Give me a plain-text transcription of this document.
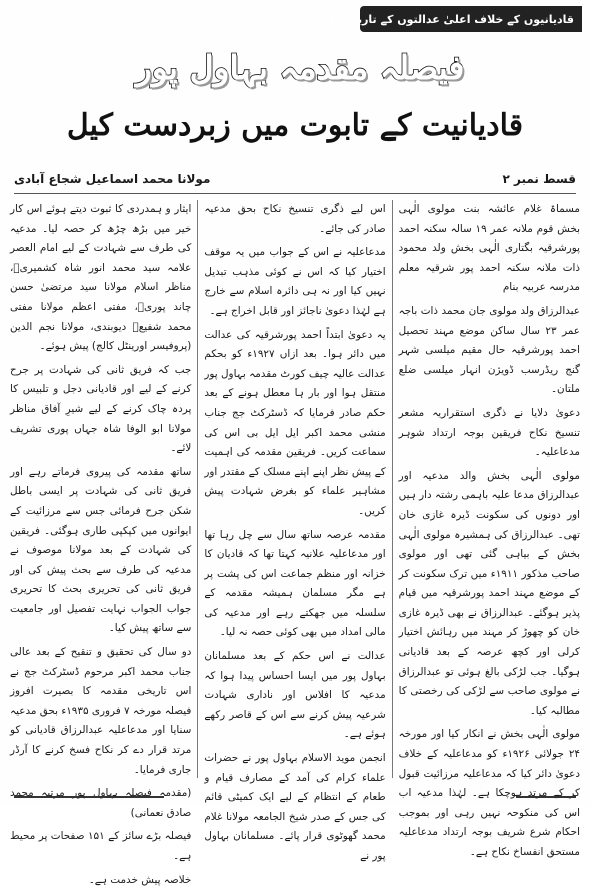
قادیانیوں کے خلاف اعلیٰ عدالتوں کے تاریخی فیصلے
فیصلہ مقدمہ بہاول پور
قادیانیت کے تابوت میں زبردست کیل
قسط نمبر ۲
مولانا محمد اسماعیل شجاع آبادی

مسماۃ غلام عائشہ بنت مولوی الٰہی بخش قوم ملانہ عمر ۱۹ سالہ سکنہ احمد پورشرقیہ بگتاری الٰہی بخش ولد محمود ذات ملانہ سکنہ احمد پور شرقیہ معلم مدرسہ عربیہ بنام

عبدالرزاق ولد مولوی جان محمد ذات باجہ عمر ۲۳ سال ساکن موضع مہند تحصیل احمد پورشرقیہ حال مقیم میلسی شہر گنج ریڈرسب ڈویژن انہار میلسی ضلع ملتان۔

دعویٰ دلایا نے ذگری استقراریہ مشعر تنسیخ نکاح فریقین بوجہ ارتداد شوہر مدعاعلیہ۔

مولوی الٰہی بخش والد مدعیہ اور عبدالرزاق مدعا علیہ باہمی رشتہ دار ہیں اور دونوں کی سکونت ڈیرہ غازی خان تھی۔ عبدالرزاق کی ہمشیرہ مولوی الٰہی بخش کے بیاہی گئی تھی اور مولوی صاحب مذکور ۱۹۱۱ء میں ترک سکونت کر کے موضع مہند احمد پورشرقیہ میں قیام پذیر ہوگئے۔ عبدالرزاق نے بھی ڈیرہ غازی خان کو چھوڑ کر مہند میں رہائش اختیار کرلی اور کچھ عرصہ کے بعد قادیانی ہوگیا۔ جب لڑکی بالغ ہوئی تو عبدالرزاق نے مولوی صاحب سے لڑکی کی رخصتی کا مطالبہ کیا۔

مولوی الٰہی بخش نے انکار کیا اور مورخہ ۲۴ جولائی ۱۹۲۶ء کو مدعاعلیہ کے خلاف دعویٰ دائر کیا کہ مدعاعلیہ مرزائیت قبول کر کے مرتد ہوچکا ہے۔ لہٰذا مدعیہ اب اس کی منکوحہ نہیں رہی اور بموجب احکام شرع شریف بوجہ ارتداد مدعاعلیہ مستحق انفساخ نکاح ہے۔

اس لیے ذگری تنسیخ نکاح بحق مدعیہ صادر کی جائے۔

مدعاعلیہ نے اس کے جواب میں یہ موقف اختیار کیا کہ اس نے کوئی مذہب تبدیل نہیں کیا اور نہ ہی دائرہ اسلام سے خارج ہے لہٰذا دعویٰ ناجائز اور قابل اخراج ہے۔

یہ دعویٰ ابتداً احمد پورشرقیہ کی عدالت میں دائر ہوا۔ بعد ازاں ۱۹۲۷ء کو بحکم عدالت عالیہ چیف کورٹ مقدمہ بہاول پور منتقل ہوا اور بار ہا معطل ہونے کے بعد حکم صادر فرمایا کہ ڈسٹرکٹ جج جناب منشی محمد اکبر ایل ایل بی اس کی سماعت کریں۔ فریقین مقدمہ کی اہمیت کے پیش نظر اپنے اپنے مسلک کے مقتدر اور مشاہیر علماء کو بغرض شہادت پیش کریں۔

مقدمہ عرصہ ساتھ سال سے چل رہا تھا اور مدعاعلیہ علانیہ کہتا تھا کہ قادیان کا خزانہ اور منظم جماعت اس کی پشت پر ہے مگر مسلمان ہمیشہ مقدمہ کے سلسلہ میں جھکتے رہے اور مدعیہ کی مالی امداد میں بھی کوئی حصہ نہ لیا۔

عدالت نے اس حکم کے بعد مسلمانان بہاول پور میں ایسا احساس پیدا ہوا کہ مدعیہ کا افلاس اور ناداری شہادت شرعیہ پیش کرنے سے اس کے قاصر رکھے ہوئے ہے۔

انجمن موید الاسلام بہاول پور نے حضرات علماء کرام کی آمد کے مصارف قیام و طعام کے انتظام کے لیے ایک کمیٹی قائم کی جس کے صدر شیخ الجامعہ مولانا غلام محمد گھوٹوی قرار پائے۔ مسلمانان بہاول پور نے

ایثار و ہمدردی کا ثبوت دیتے ہوئے اس کار خیر میں بڑھ چڑھ کر حصہ لیا۔ مدعیہ کی طرف سے شہادت کے لیے امام العصر علامہ سید محمد انور شاہ کشمیریؒ، مناظر اسلام مولانا سید مرتضیٰ حسن چاند پوریؒ، مفتی اعظم مولانا مفتی محمد شفیعؒ دیوبندی، مولانا نجم الدین (پروفیسر اورینٹل کالج) پیش ہوئے۔

جب کہ فریق ثانی کی شہادت پر جرح کرنے کے لیے اور قادیانی دجل و تلبیس کا پردہ چاک کرنے کے لیے شیرِ آفاق مناظر مولانا ابو الوفا شاہ جہاں پوری تشریف لائے۔

ساتھ مقدمہ کی پیروی فرماتے رہے اور فریق ثانی کی شہادت پر ایسی باطل شکن جرح فرمائی جس سے مرزائیت کے ایوانوں میں کپکپی طاری ہوگئی۔ فریقین کی شہادت کے بعد مولانا موصوف نے مدعیہ کی طرف سے بحث پیش کی اور فریق ثانی کی تحریری بحث کا تحریری جواب الجواب نہایت تفصیل اور جامعیت سے ساتھ پیش کیا۔

دو سال کی تحقیق و تنقیح کے بعد عالی جناب محمد اکبر مرحوم ڈسٹرکٹ جج نے اس تاریخی مقدمہ کا بصیرت افروز فیصلہ مورخہ ۷ فروری ۱۹۳۵ء بحق مدعیہ سنایا اور مدعاعلیہ عبدالرزاق قادیانی کو مرتد قرار دے کر نکاح فسخ کرنے کا آرڈر جاری فرمایا۔

(مقدمہ فیصلہ بہاول پور مرتبہ محمد صادق نعمانی)

فیصلہ بڑے سائز کے ۱۵۱ صفحات پر محیط ہے۔

خلاصہ پیش خدمت ہے۔
